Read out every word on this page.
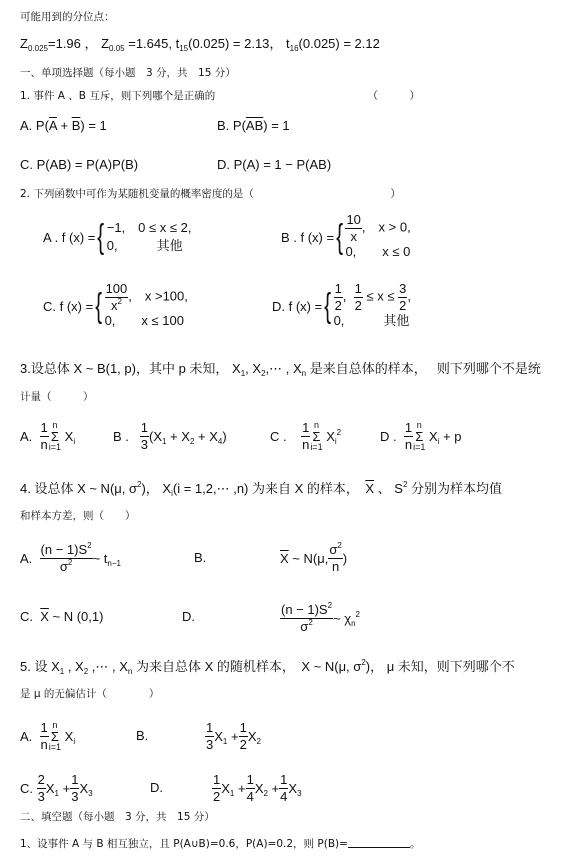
可能用到的分位点：
$Z_{0.025}=1.96$ ， $Z_{0.05} =1.645$, $t_{15}(0.025) = 2.13$， $t_{16}(0.025) = 2.12$
一、单项选择题（每小题　3 分，共　15 分）
1. 事件 A 、B 互斥，则下列哪个是正确的　　　　　　　　　　　　　　　（　　　）
A. $P(\overline{A} + \overline{B}) = 1$	B. $P(\overline{AB}) = 1$
C. P(AB) = P(A)P(B)	D. P(A) = 1 − P(AB)
2. 下列函数中可作为某随机变量的概率密度的是（　　　　　　　　　　　　　）
A . f (x) = { −1,　0 ≤ x ≤ 2,
0,　　　其他
B . f (x) = { $\frac{10}{x}$ ,　x > 0,
0,　　x ≤ 0
C. f (x) = { $\frac{100}{x^2}$ ,　x >100,
0,　　x ≤ 100
D. f (x) = { $\frac{1}{2}$ , $\frac{1}{2} \le x \le \frac{3}{2}$ ,
0,　　　其他
3.设总体 X ~ B(1, p)，其中 p 未知， $X_1$, $X_2,\cdots$ , $X_n$ 是来自总体的样本，　 则下列哪个不是统
计量（　　　）
A.

1
n
n
Σ
i=1

$X_i$	B .

1
3
$(X_1 + X_2 + X_4)$	C .

1
n
n
Σ
i=1

$X_i^2$	D .

1
n
n
Σ
i=1

$X_i + p$
4. 设总体 X ~ N(μ, $\sigma^2$)， $X_i(i$ = 1,2,⋯ ,n) 为来自 X 的样本，　$\overline{X}$ 、 $S^2$ 分别为样本均值
和样本方差，则（　　）
A.

$(n - 1)S^2$
$\sigma^2$ ~ $t_{n-1}$	B.	$\overline{X}$ ~ N(μ,
$\sigma^2$
n
)
C. $\overline{X}$ ~ N (0,1)	D.	$(n - 1)S^2$
$\sigma^2$ ~ $\chi_n^2$
5. 设 $X_1$ , $X_2$ ,⋯ , $X_n$ 为来自总体 X 的随机样本，　X ~ N(μ, $\sigma^2$)， μ 未知，则下列哪个不
是 μ 的无偏估计（　　　　）
A.

1
n
n
Σ
i=1

$X_i$	B.
1
3
$X_1 + \frac{1}{2} X_2$
C.

2
3
$X_1 + \frac{1}{3} X_3$	D.
1
2
$X_1 + \frac{1}{4} X_2 + \frac{1}{4} X_3$
二、填空题（每小题　3 分，共　15 分）
1、设事件 A 与 B 相互独立，且 P(A∪B)=0.6，P(A)=0.2，则 P(B)=	。
